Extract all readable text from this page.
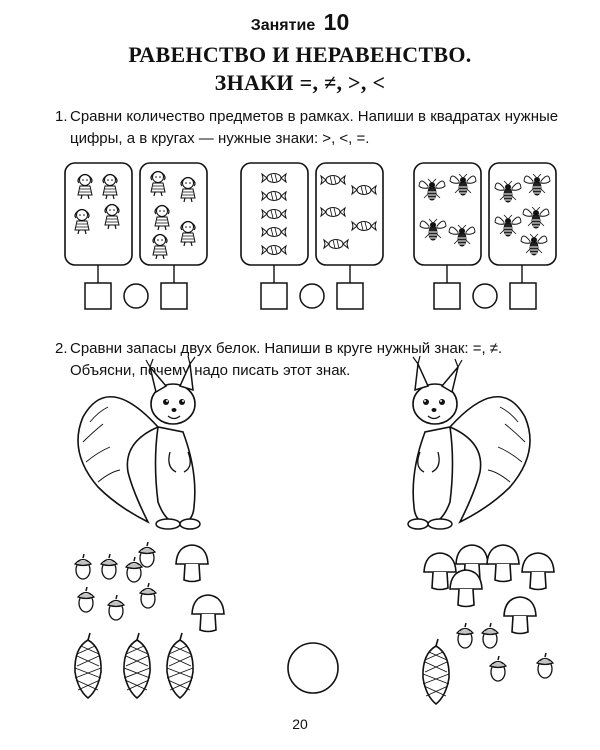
Занятие 10
РАВЕНСТВО И НЕРАВЕНСТВО.
ЗНАКИ =, ≠, >, <
1. Сравни количество предметов в рамках. Напиши в квадратах нужные цифры, а в кругах — нужные знаки: >, <, =.
2. Сравни запасы двух белок. Напиши в круге нужный знак: =, ≠.
Объясни, почему надо писать этот знак.
20
